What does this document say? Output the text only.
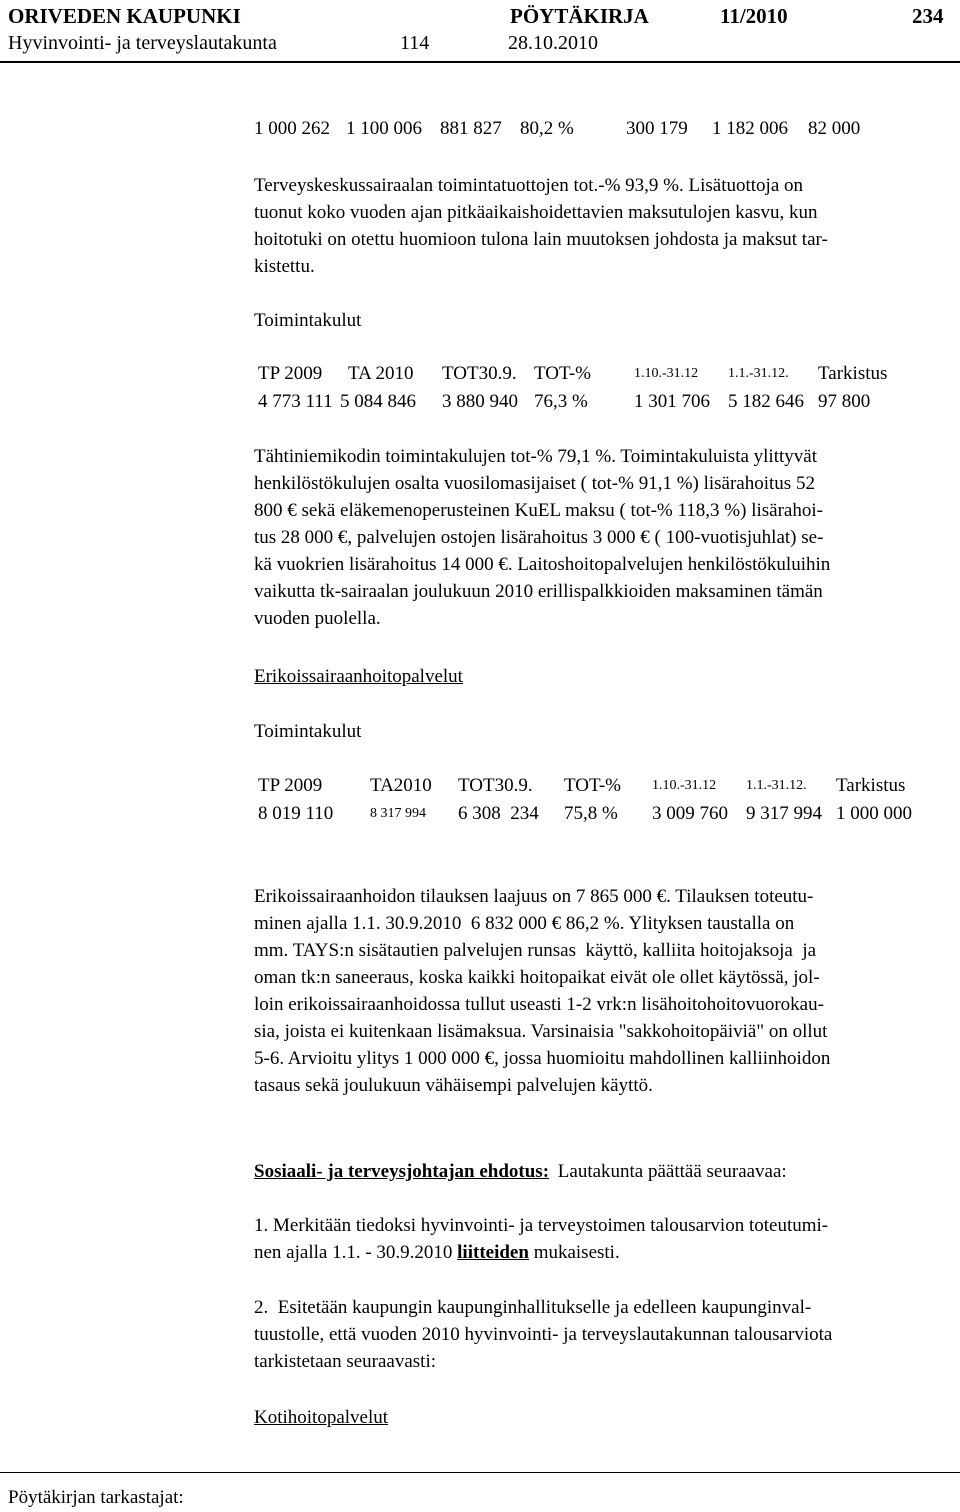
ORIVEDEN KAUPUNKI	PÖYTÄKIRJA	11/2010	234
Hyvinvointi- ja terveyslautakunta	114	28.10.2010
1 000 262	1 100 006	881 827	80,2 %	300 179	1 182 006	82 000
Terveyskeskussairaalan toimintatuottojen tot.-% 93,9 %. Lisätuottoja on
tuonut koko vuoden ajan pitkäaikaishoidettavien maksutulojen kasvu, kun
hoitotuki on otettu huomioon tulona lain muutoksen johdosta ja maksut tar-
kistettu.
Toimintakulut
TP 2009	TA 2010	TOT30.9.	TOT-%	1.10.-31.12	1.1.-31.12.	Tarkistus
4 773 111	5 084 846	3 880 940	76,3 %	1 301 706	5 182 646	97 800
Tähtiniemikodin toimintakulujen tot-% 79,1 %. Toimintakuluista ylittyvät
henkilöstökulujen osalta vuosilomasijaiset ( tot-% 91,1 %) lisärahoitus 52
800 € sekä eläkemenoperusteinen KuEL maksu ( tot-% 118,3 %) lisärahoi-
tus 28 000 €, palvelujen ostojen lisärahoitus 3 000 € ( 100-vuotisjuhlat) se-
kä vuokrien lisärahoitus 14 000 €. Laitoshoitopalvelujen henkilöstökuluihin
vaikutta tk-sairaalan joulukuun 2010 erillispalkkioiden maksaminen tämän
vuoden puolella.
Erikoissairaanhoitopalvelut
Toimintakulut
TP 2009	TA2010	TOT30.9.	TOT-%	1.10.-31.12	1.1.-31.12.	Tarkistus
8 019 110	8 317 994	6 308  234	75,8 %	3 009 760	9 317 994	1 000 000
Erikoissairaanhoidon tilauksen laajuus on 7 865 000 €. Tilauksen toteutu-
minen ajalla 1.1. 30.9.2010  6 832 000 € 86,2 %. Ylityksen taustalla on
mm. TAYS:n sisätautien palvelujen runsas  käyttö, kalliita hoitojaksoja  ja
oman tk:n saneeraus, koska kaikki hoitopaikat eivät ole ollet käytössä, jol-
loin erikoissairaanhoidossa tullut useasti 1-2 vrk:n lisähoitohoitovuorokau-
sia, joista ei kuitenkaan lisämaksua. Varsinaisia "sakkohoitopäiviä" on ollut
5-6. Arvioitu ylitys 1 000 000 €, jossa huomioitu mahdollinen kalliinhoidon
tasaus sekä joulukuun vähäisempi palvelujen käyttö.
Sosiaali- ja terveysjohtajan ehdotus: Lautakunta päättää seuraavaa:
1. Merkitään tiedoksi hyvinvointi- ja terveystoimen talousarvion toteutumi-
nen ajalla 1.1. - 30.9.2010 liitteiden mukaisesti.
2.  Esitetään kaupungin kaupunginhallitukselle ja edelleen kaupunginval-
tuustolle, että vuoden 2010 hyvinvointi- ja terveyslautakunnan talousarviota
tarkistetaan seuraavasti:
Kotihoitopalvelut
Pöytäkirjan tarkastajat:
